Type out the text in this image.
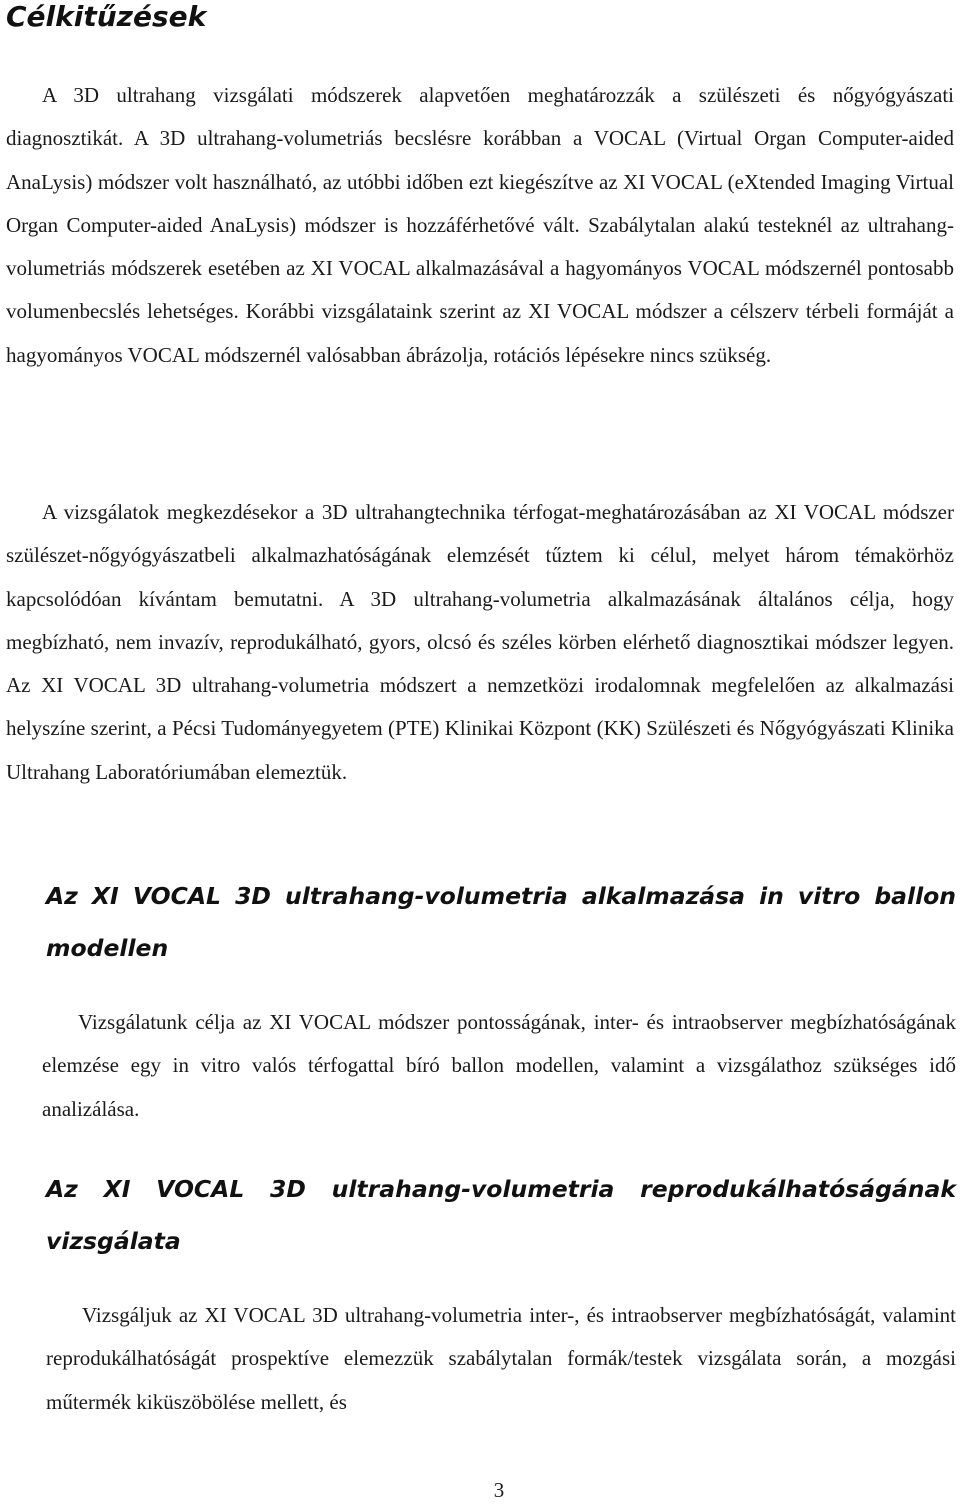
Célkitűzések

A 3D ultrahang vizsgálati módszerek alapvetően meghatározzák a szülészeti és nőgyógyászati diagnosztikát. A 3D ultrahang-volumetriás becslésre korábban a VOCAL (Virtual Organ Computer-aided AnaLysis) módszer volt használható, az utóbbi időben ezt kiegészítve az XI VOCAL (eXtended Imaging Virtual Organ Computer-aided AnaLysis) módszer is hozzáférhetővé vált. Szabálytalan alakú testeknél az ultrahang-volumetriás módszerek esetében az XI VOCAL alkalmazásával a hagyományos VOCAL módszernél pontosabb volumenbecslés lehetséges. Korábbi vizsgálataink szerint az XI VOCAL módszer a célszerv térbeli formáját a hagyományos VOCAL módszernél valósabban ábrázolja, rotációs lépésekre nincs szükség.

A vizsgálatok megkezdésekor a 3D ultrahangtechnika térfogat-meghatározásában az XI VOCAL módszer szülészet-nőgyógyászatbeli alkalmazhatóságának elemzését tűztem ki célul, melyet három témakörhöz kapcsolódóan kívántam bemutatni. A 3D ultrahang-volumetria alkalmazásának általános célja, hogy megbízható, nem invazív, reprodukálható, gyors, olcsó és széles körben elérhető diagnosztikai módszer legyen. Az XI VOCAL 3D ultrahang-volumetria módszert a nemzetközi irodalomnak megfelelően az alkalmazási helyszíne szerint, a Pécsi Tudományegyetem (PTE) Klinikai Központ (KK) Szülészeti és Nőgyógyászati Klinika Ultrahang Laboratóriumában elemeztük.

Az XI VOCAL 3D ultrahang-volumetria alkalmazása in vitro ballon modellen

Vizsgálatunk célja az XI VOCAL módszer pontosságának, inter- és intraobserver megbízhatóságának elemzése egy in vitro valós térfogattal bíró ballon modellen, valamint a vizsgálathoz szükséges idő analizálása.

Az XI VOCAL 3D ultrahang-volumetria reprodukálhatóságának vizsgálata

Vizsgáljuk az XI VOCAL 3D ultrahang-volumetria inter-, és intraobserver megbízhatóságát, valamint reprodukálhatóságát prospektíve elemezzük szabálytalan formák/testek vizsgálata során, a mozgási műtermék kiküszöbölése mellett, és

3
